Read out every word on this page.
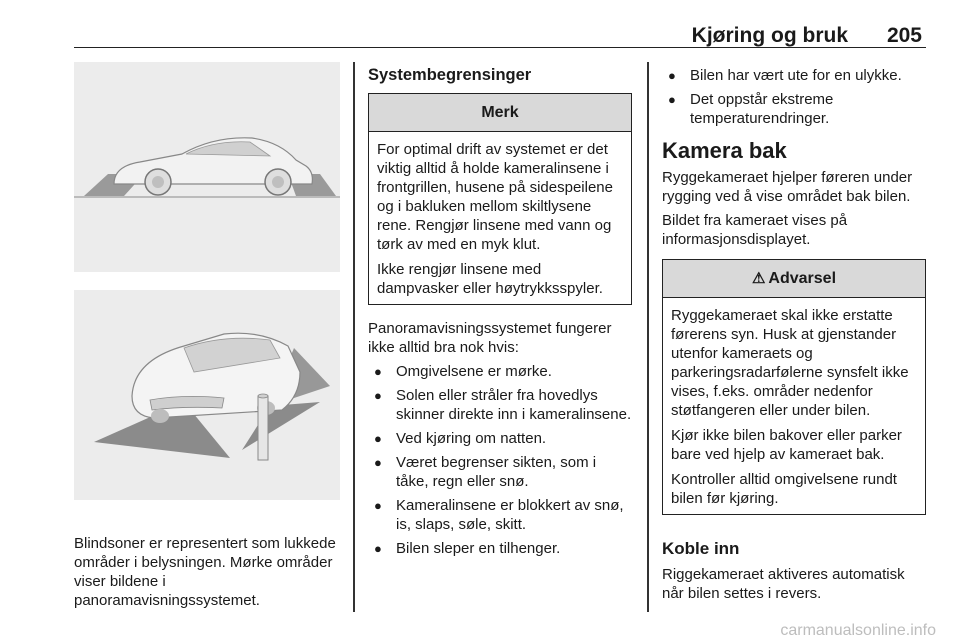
Kjøring og bruk 205

Blindsoner er representert som lukkede områder i belysningen. Mørke områder viser bildene i panoramavisningssystemet.

Systembegrensinger
Merk

For optimal drift av systemet er det viktig alltid å holde kameralinsene i frontgrillen, husene på sidespeilene og i bakluken mellom skiltlysene rene. Rengjør linsene med vann og tørk av med en myk klut.

Ikke rengjør linsene med dampvasker eller høytrykksspyler.

Panoramavisningssystemet fungerer ikke alltid bra nok hvis:

● Omgivelsene er mørke.
● Solen eller stråler fra hovedlys skinner direkte inn i kameralinsene.
● Ved kjøring om natten.
● Været begrenser sikten, som i tåke, regn eller snø.
● Kameralinsene er blokkert av snø, is, slaps, søle, skitt.
● Bilen sleper en tilhenger.
● Bilen har vært ute for en ulykke.
● Det oppstår ekstreme temperaturendringer.
Kamera bak

Ryggekameraet hjelper føreren under rygging ved å vise området bak bilen.

Bildet fra kameraet vises på informasjonsdisplayet.

⚠ Advarsel

Ryggekameraet skal ikke erstatte førerens syn. Husk at gjenstander utenfor kameraets og parkeringsradarfølerne synsfelt ikke vises, f.eks. områder nedenfor støtfangeren eller under bilen.

Kjør ikke bilen bakover eller parker bare ved hjelp av kameraet bak.

Kontroller alltid omgivelsene rundt bilen før kjøring.

Koble inn

Riggekameraet aktiveres automatisk når bilen settes i revers.

carmanualsonline.info
